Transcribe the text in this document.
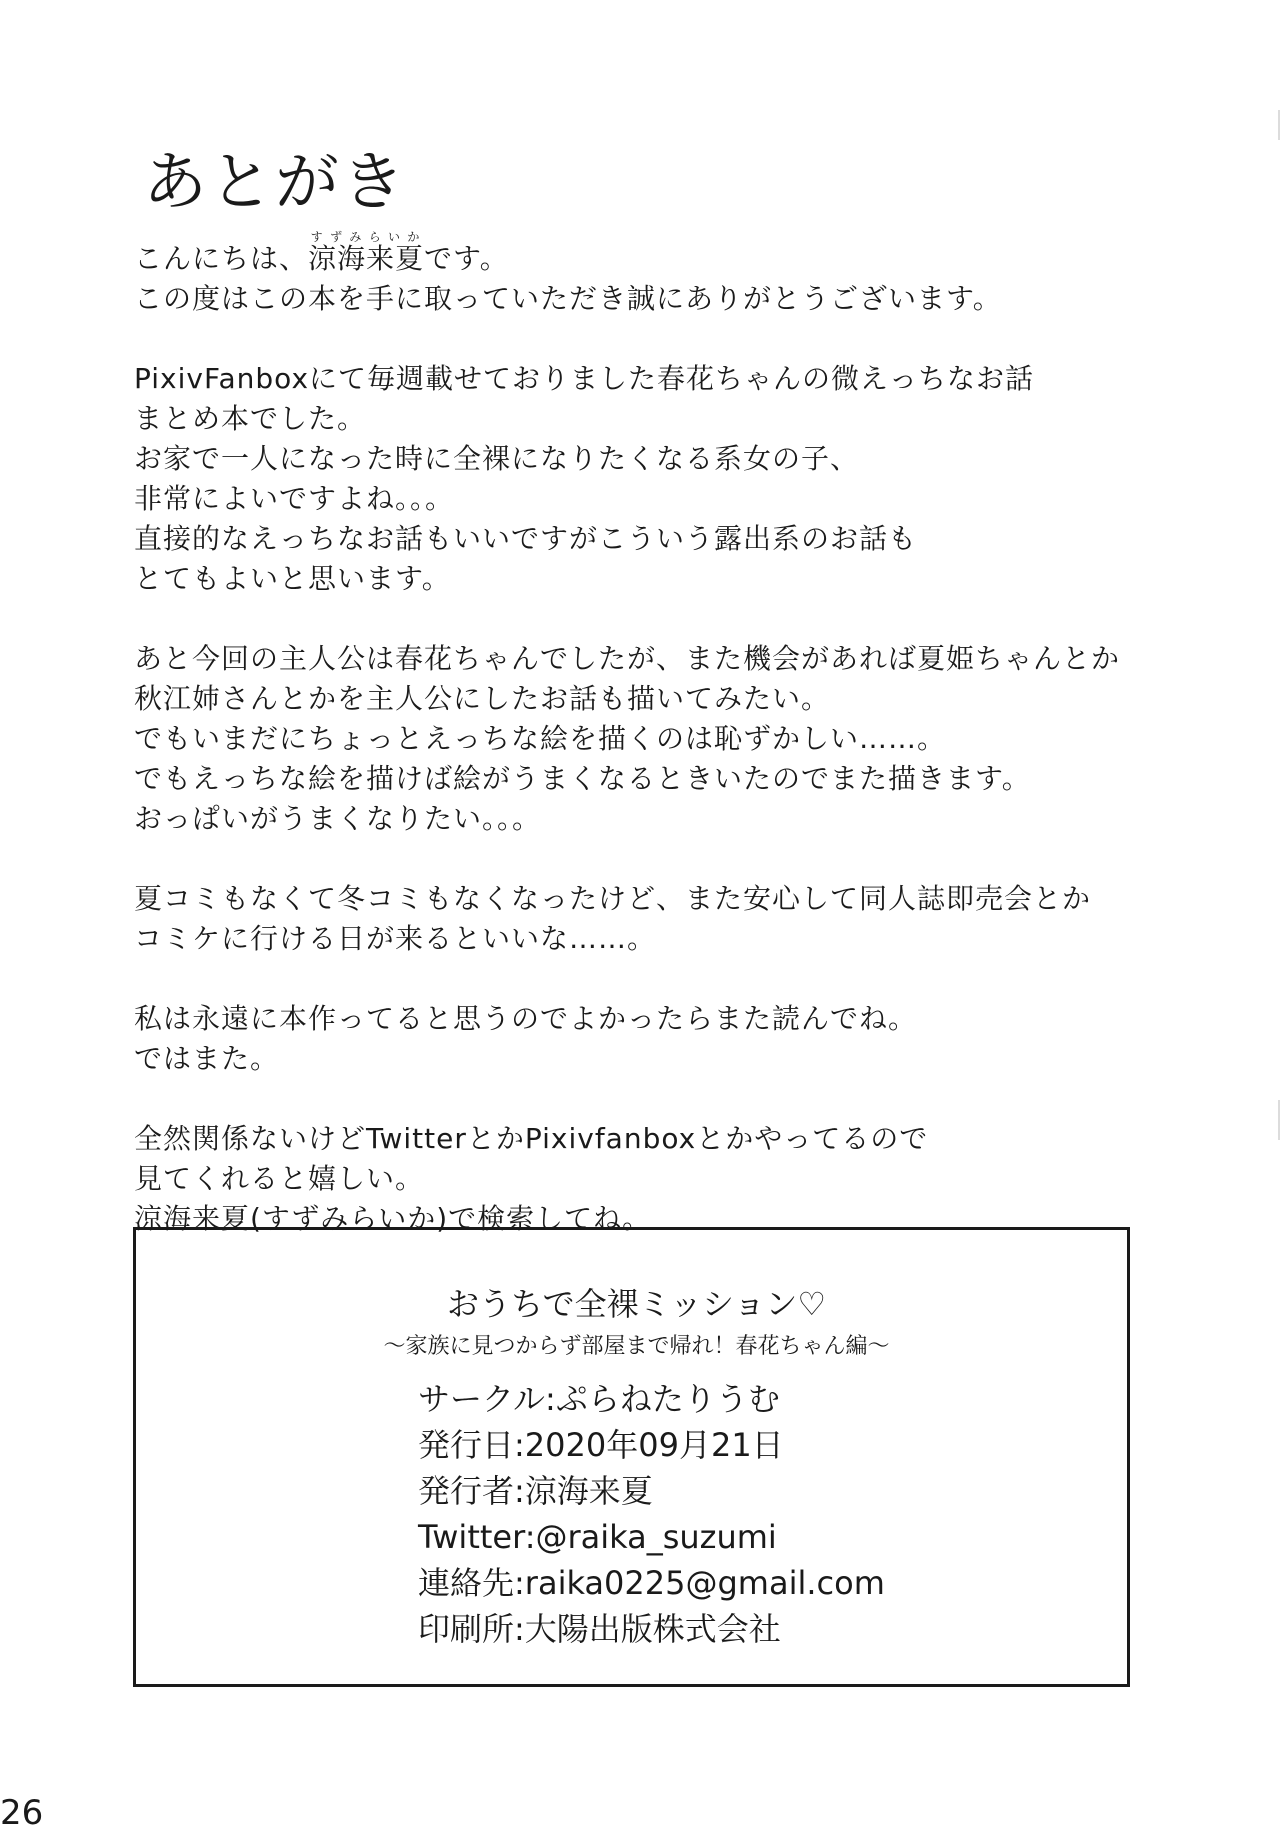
あとがき

こんにちは、涼海すずみ来夏らいかです。

この度はこの本を手に取っていただき誠にありがとうございます。

PixivFanboxにて毎週載せておりました春花ちゃんの微えっちなお話
まとめ本でした。
お家で一人になった時に全裸になりたくなる系女の子、
非常によいですよね。。。
直接的なえっちなお話もいいですがこういう露出系のお話も
とてもよいと思います。

あと今回の主人公は春花ちゃんでしたが、また機会があれば夏姫ちゃんとか
秋江姉さんとかを主人公にしたお話も描いてみたい。
でもいまだにちょっとえっちな絵を描くのは恥ずかしい……。
でもえっちな絵を描けば絵がうまくなるときいたのでまた描きます。
おっぱいがうまくなりたい。。。

夏コミもなくて冬コミもなくなったけど、また安心して同人誌即売会とか
コミケに行ける日が来るといいな……。

私は永遠に本作ってると思うのでよかったらまた読んでね。
ではまた。

全然関係ないけどTwitterとかPixivfanboxとかやってるので
見てくれると嬉しい。
涼海来夏(すずみらいか)で検索してね。

おうちで全裸ミッション♡
〜家族に見つからず部屋まで帰れ！春花ちゃん編〜
サークル:ぷらねたりうむ
発行日:2020年09月21日
発行者:涼海来夏
Twitter:@raika_suzumi
連絡先:raika0225@gmail.com
印刷所:大陽出版株式会社
26
